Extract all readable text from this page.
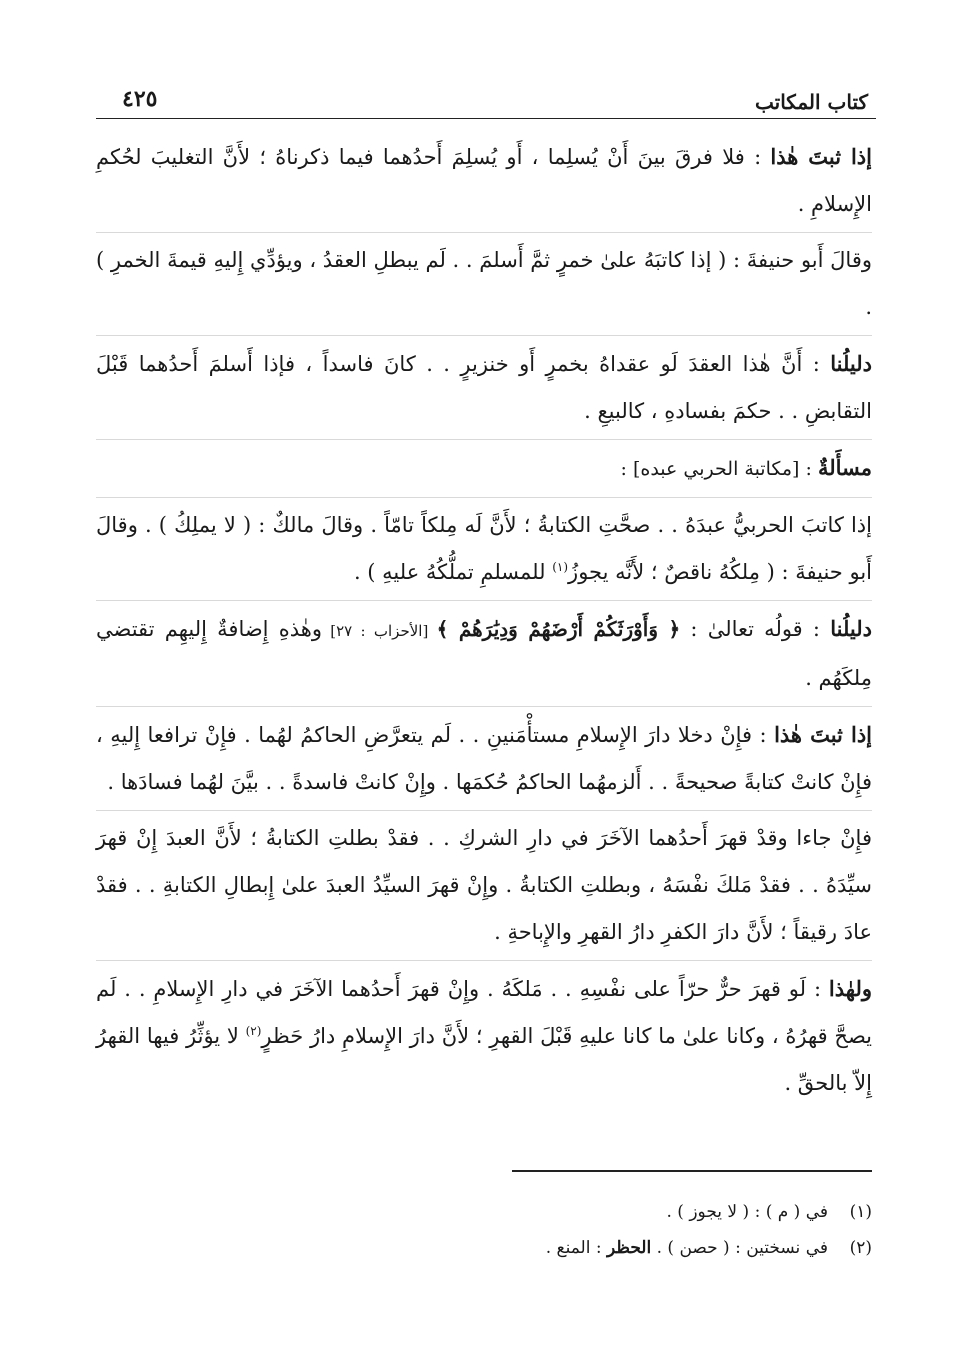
كتاب المكاتب
٤٢٥

إذا ثبتَ هٰذا : فلا فرقَ بينَ أَنْ يُسلِما ، أَو يُسلِمَ أَحدُهما فيما ذكرناهُ ؛ لأَنَّ التغليبَ لحُكمِ الإِسلامِ .

وقالَ أَبو حنيفةَ : ( إذا كاتبَهُ علىٰ خمرٍ ثمَّ أَسلمَ . . لَم يبطلِ العقدُ ، ويؤدِّي إِليهِ قيمةَ الخمرِ ) .

دليلُنا : أَنَّ هٰذا العقدَ لَو عقداهُ بخمرٍ أَو خنزيرٍ . . كانَ فاسداً ، فإذا أَسلمَ أَحدُهما قَبْلَ التقابضِ . . حكمَ بفسادهِ ، كالبيعِ .

مسأَلةٌ : [مكاتبة الحربي عبده] :

إذا كاتبَ الحربيُّ عبدَهُ . . صحَّتِ الكتابةُ ؛ لأَنَّ لَه مِلكاً تامّاً . وقالَ مالكٌ : ( لا يملِكُ ) . وقالَ أَبو حنيفةَ : ( مِلكُهُ ناقصٌ ؛ لأَنَّه يجوزُ$^{(١)}$ للمسلمِ تملُّكُهُ عليهِ ) .

دليلُنا : قولُه تعالىٰ : ﴿ وَأَوْرَثَكُمْ أَرْضَهُمْ وَدِيَٰرَهُمْ ﴾ [الأحزاب : ٢٧] وهٰذهِ إِضافةٌ إِليهِم تقتضي مِلكَهُم .

إذا ثبتَ هٰذا : فإِنْ دخلا دارَ الإِسلامِ مستأْمَنينِ . . لَم يتعرَّضِ الحاكمُ لهُما . فإِنْ ترافعا إِليهِ ، فإِنْ كانتْ كتابةً صحيحةً . . أَلزمهُما الحاكمُ حُكمَها . وإِنْ كانتْ فاسدةً . . بيَّنَ لهُما فسادَها .

فإِنْ جاءا وقدْ قهرَ أَحدُهما الآخَرَ في دارِ الشركِ . . فقدْ بطلتِ الكتابةُ ؛ لأَنَّ العبدَ إِنْ قهرَ سيِّدَهُ . . فقدْ مَلكَ نفْسَهُ ، وبطلتِ الكتابةُ . وإِنْ قهرَ السيِّدُ العبدَ علىٰ إِبطالِ الكتابةِ . . فقدْ عادَ رقيقاً ؛ لأَنَّ دارَ الكفرِ دارُ القهرِ والإِباحةِ .

ولهٰذا : لَو قهرَ حرٌّ حرّاً على نفْسِهِ . . مَلكَهُ . وإِنْ قهرَ أَحدُهما الآخَرَ في دارِ الإِسلامِ . . لَم يصحَّ قهرُهُ ، وكانا علىٰ ما كانا عليهِ قَبْلَ القهرِ ؛ لأَنَّ دارَ الإِسلامِ دارُ حَظرٍ$^{(٢)}$ لا يؤثِّرُ فيها القهرُ إِلاّ بالحقِّ .

(١)في ( م ) : ( لا يجوز ) .

(٢)في نسختين : ( حصن ) . الحظر : المنع .
